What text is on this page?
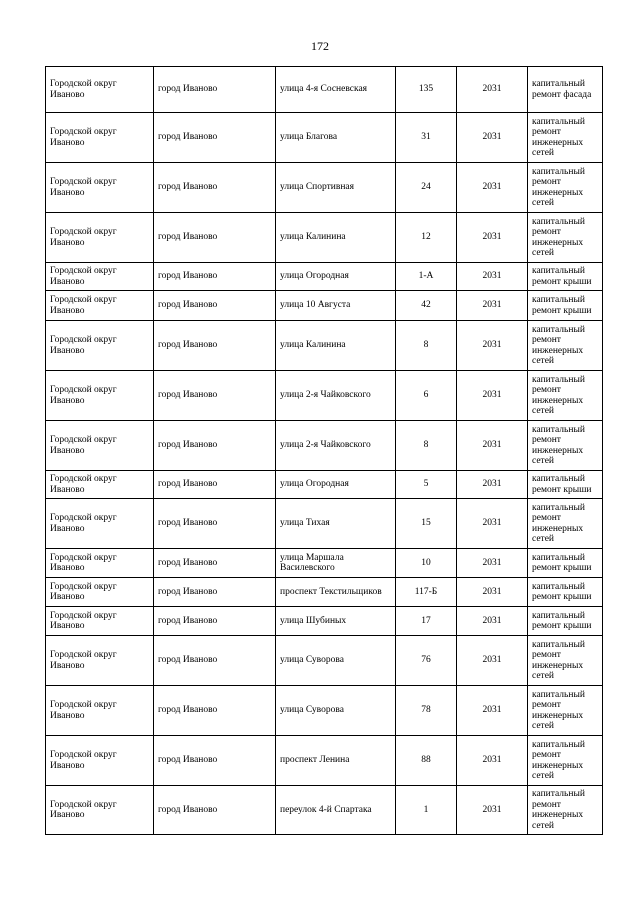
172
Городской округ Иваново	город Иваново	улица 4-я Сосневская	135	2031	капитальный ремонт фасада
Городской округ Иваново	город Иваново	улица Благова	31	2031	капитальный ремонт инженерных сетей
Городской округ Иваново	город Иваново	улица Спортивная	24	2031	капитальный ремонт инженерных сетей
Городской округ Иваново	город Иваново	улица Калинина	12	2031	капитальный ремонт инженерных сетей
Городской округ Иваново	город Иваново	улица Огородная	1-А	2031	капитальный ремонт крыши
Городской округ Иваново	город Иваново	улица 10 Августа	42	2031	капитальный ремонт крыши
Городской округ Иваново	город Иваново	улица Калинина	8	2031	капитальный ремонт инженерных сетей
Городской округ Иваново	город Иваново	улица 2-я Чайковского	6	2031	капитальный ремонт инженерных сетей
Городской округ Иваново	город Иваново	улица 2-я Чайковского	8	2031	капитальный ремонт инженерных сетей
Городской округ Иваново	город Иваново	улица Огородная	5	2031	капитальный ремонт крыши
Городской округ Иваново	город Иваново	улица Тихая	15	2031	капитальный ремонт инженерных сетей
Городской округ Иваново	город Иваново	улица Маршала Василевского	10	2031	капитальный ремонт крыши
Городской округ Иваново	город Иваново	проспект Текстильщиков	117-Б	2031	капитальный ремонт крыши
Городской округ Иваново	город Иваново	улица Шубиных	17	2031	капитальный ремонт крыши
Городской округ Иваново	город Иваново	улица Суворова	76	2031	капитальный ремонт инженерных сетей
Городской округ Иваново	город Иваново	улица Суворова	78	2031	капитальный ремонт инженерных сетей
Городской округ Иваново	город Иваново	проспект Ленина	88	2031	капитальный ремонт инженерных сетей
Городской округ Иваново	город Иваново	переулок 4-й Спартака	1	2031	капитальный ремонт инженерных сетей
